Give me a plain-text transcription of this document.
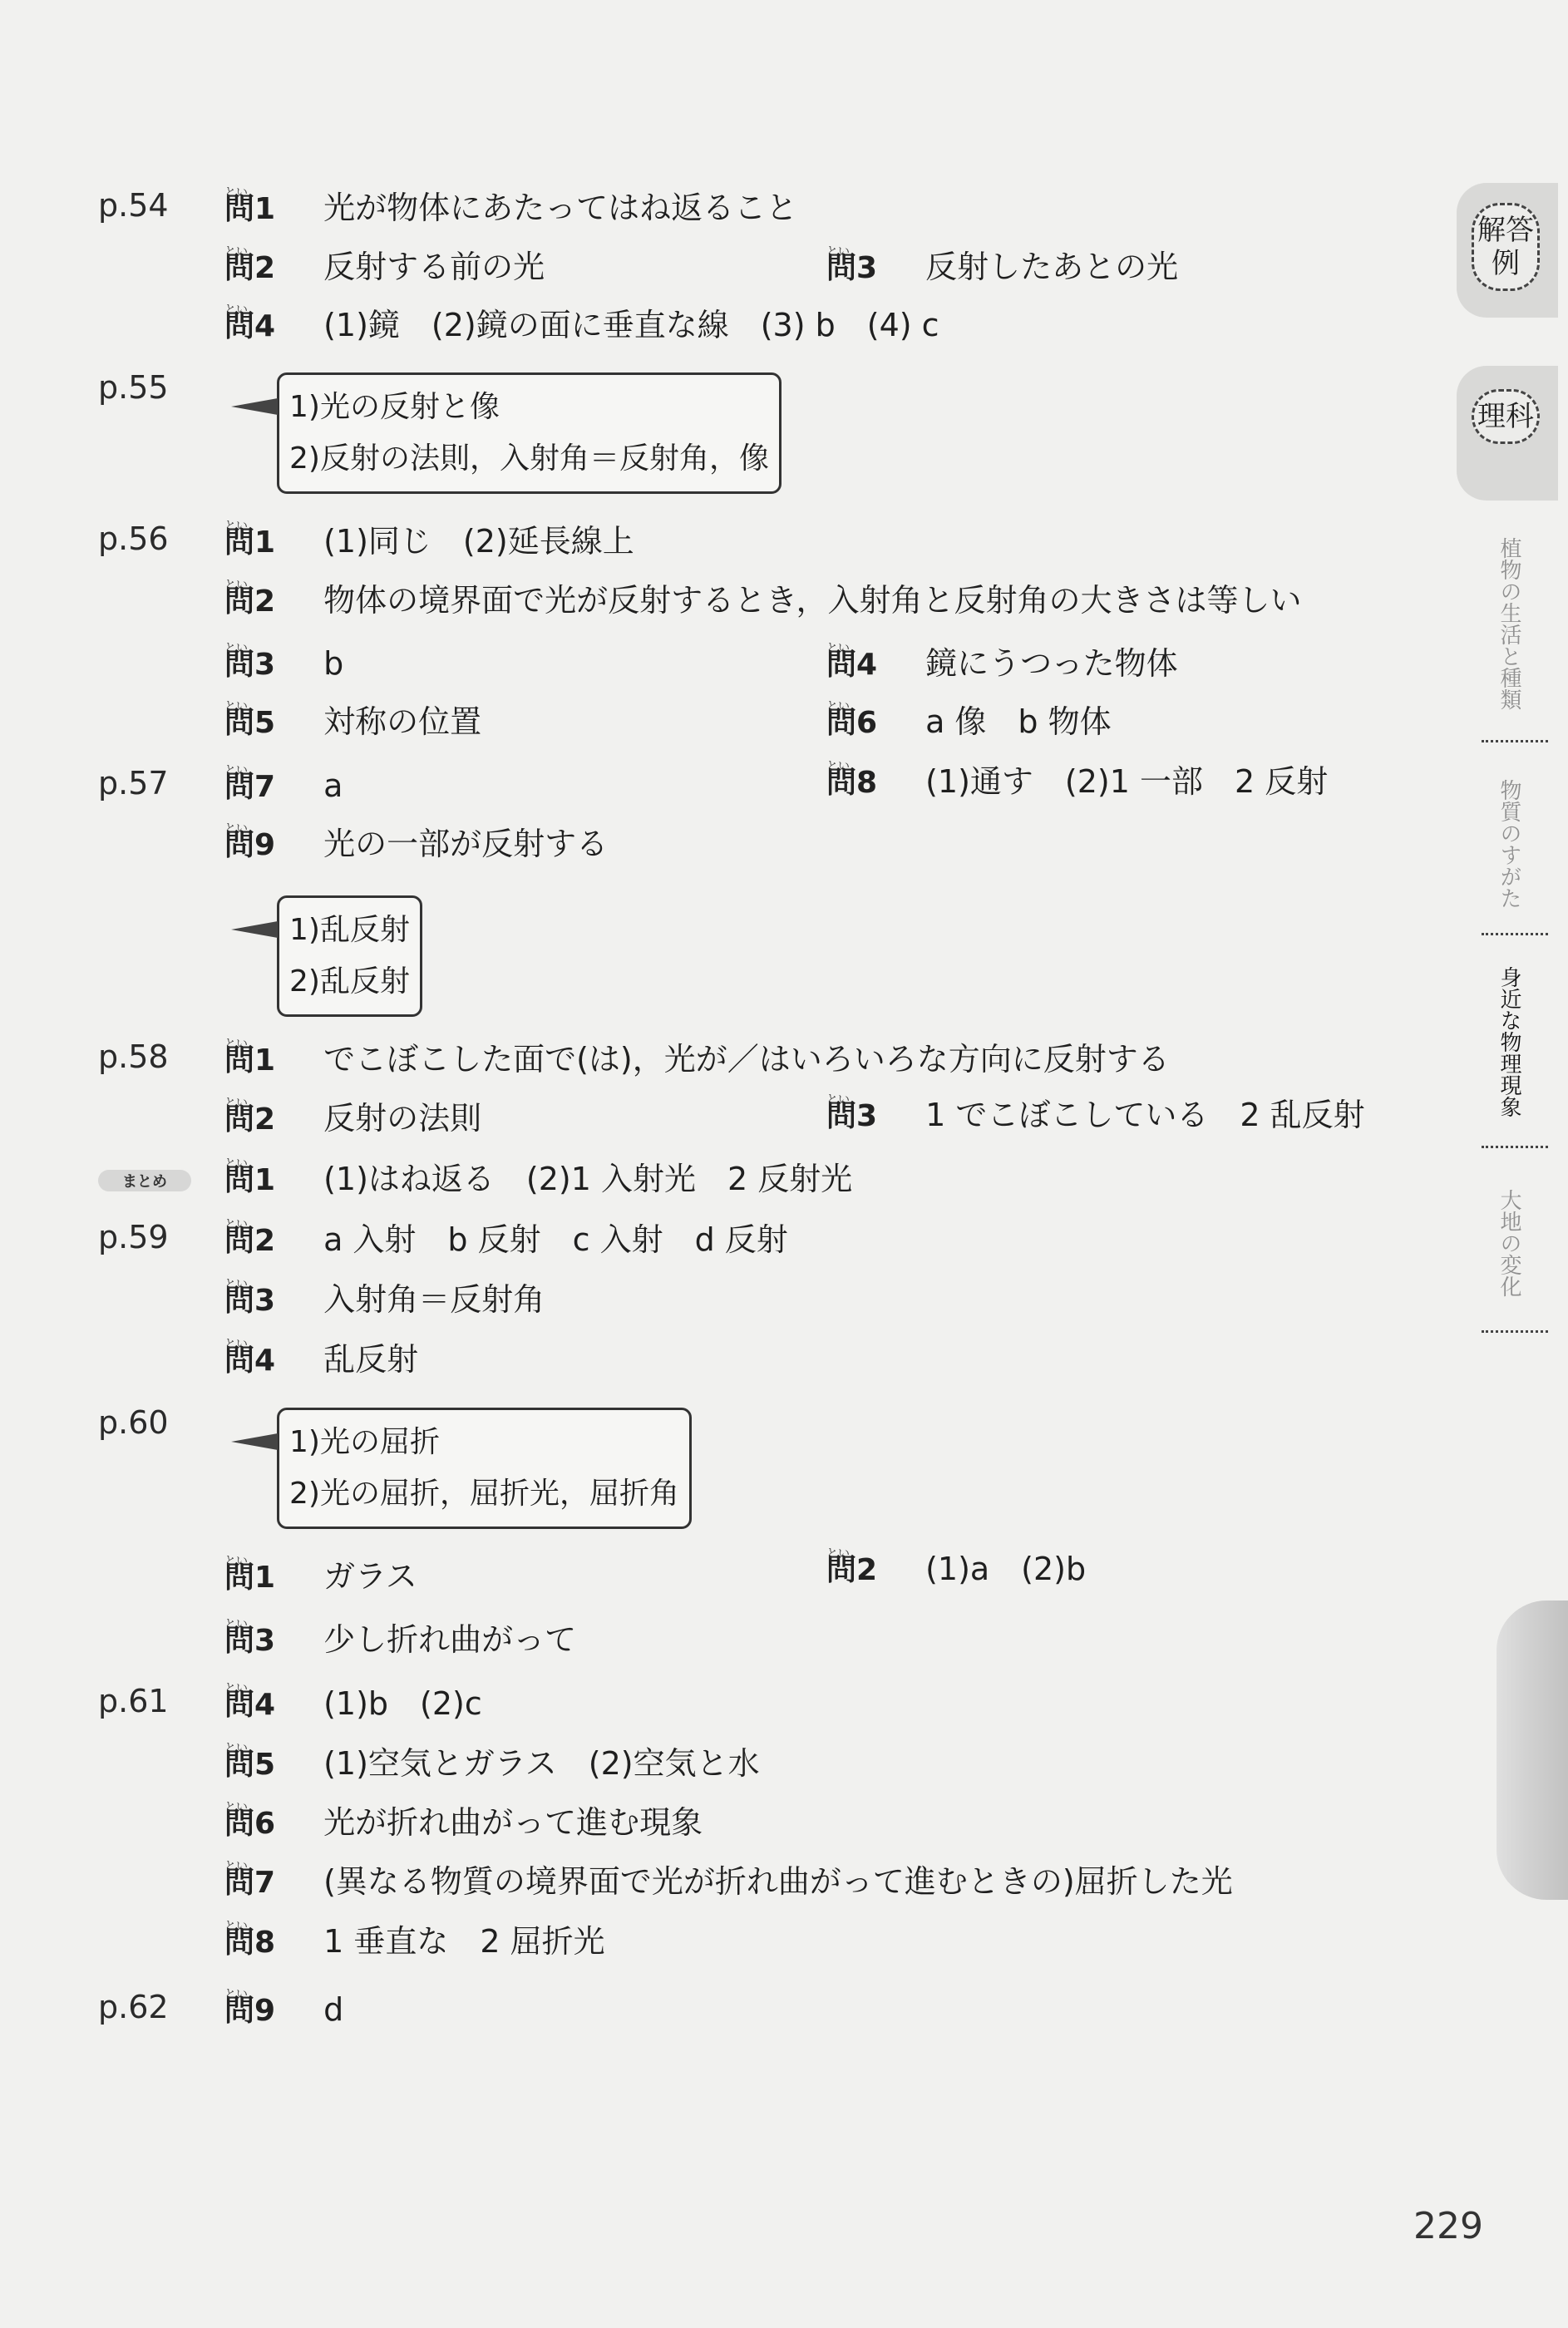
p.54 とい 問1 光が物体にあたってはね返ること
とい 問2 反射する前の光	とい 問3 反射したあとの光
とい 問4 (1)鏡　(2)鏡の面に垂直な線　(3) b　(4) c
p.55
1)光の反射と像
2)反射の法則，入射角＝反射角，像
p.56 とい 問1 (1)同じ　(2)延長線上
とい 問2 物体の境界面で光が反射するとき，入射角と反射角の大きさは等しい
とい 問3 b	とい 問4 鏡にうつった物体
とい 問5 対称の位置	とい 問6 a 像　b 物体
p.57 とい 問7 a	とい 問8 (1)通す　(2)1 一部　2 反射
とい 問9 光の一部が反射する
1)乱反射
2)乱反射
p.58 とい 問1 でこぼこした面で(は)，光が／はいろいろな方向に反射する
とい 問2 反射の法則	とい 問3 1 でこぼこしている　2 乱反射
まとめ	とい 問1 (1)はね返る　(2)1 入射光　2 反射光
p.59 とい 問2 a 入射　b 反射　c 入射　d 反射
とい 問3 入射角＝反射角
とい 問4 乱反射
p.60
1)光の屈折
2)光の屈折，屈折光，屈折角
とい 問1 ガラス	とい 問2 (1)a　(2)b
とい 問3 少し折れ曲がって
p.61 とい 問4 (1)b　(2)c
とい 問5 (1)空気とガラス　(2)空気と水
とい 問6 光が折れ曲がって進む現象
とい 問7 (異なる物質の境界面で光が折れ曲がって進むときの)屈折した光
とい 問8 1 垂直な　2 屈折光
p.62 とい 問9 d
解答例
理科
植物の生活と種類
物質のすがた
身近な物理現象
大地の変化
229
